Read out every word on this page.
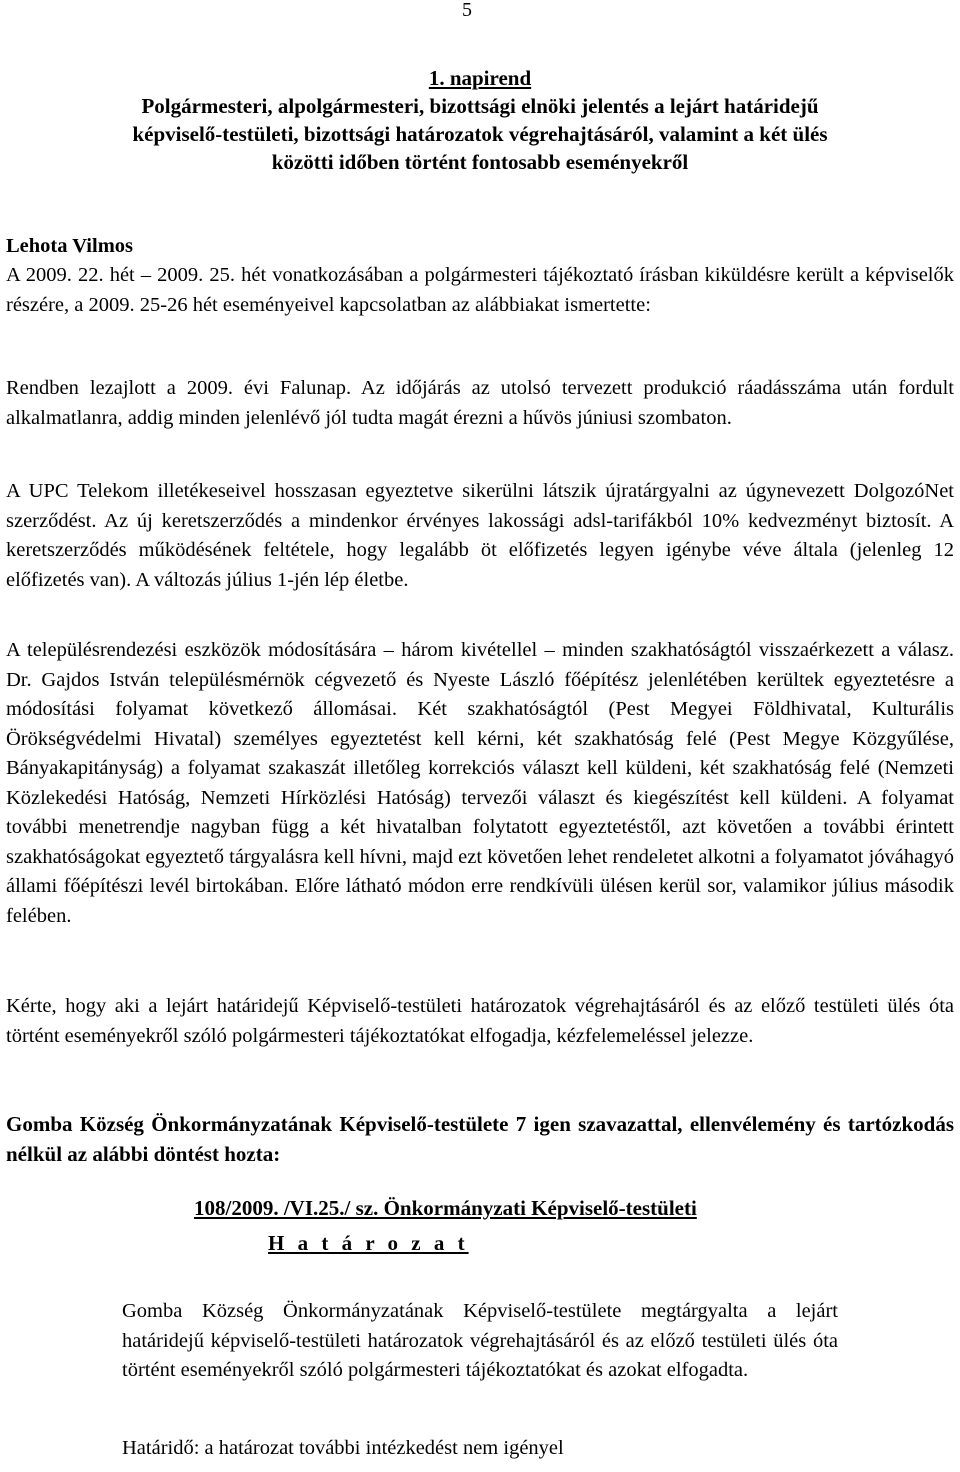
5
1. napirend
Polgármesteri, alpolgármesteri, bizottsági elnöki jelentés a lejárt határidejű
képviselő-testületi, bizottsági határozatok végrehajtásáról, valamint a két ülés
közötti időben történt fontosabb eseményekről
Lehota Vilmos

A 2009. 22. hét – 2009. 25. hét vonatkozásában a polgármesteri tájékoztató írásban kiküldésre került a képviselők részére, a 2009. 25-26 hét eseményeivel kapcsolatban az alábbiakat ismertette:

Rendben lezajlott a 2009. évi Falunap. Az időjárás az utolsó tervezett produkció ráadásszáma után fordult alkalmatlanra, addig minden jelenlévő jól tudta magát érezni a hűvös júniusi szombaton.

A UPC Telekom illetékeseivel hosszasan egyeztetve sikerülni látszik újratárgyalni az úgynevezett DolgozóNet szerződést. Az új keretszerződés a mindenkor érvényes lakossági adsl-tarifákból 10% kedvezményt biztosít. A keretszerződés működésének feltétele, hogy legalább öt előfizetés legyen igénybe véve általa (jelenleg 12 előfizetés van). A változás július 1-jén lép életbe.

A településrendezési eszközök módosítására – három kivétellel – minden szakhatóságtól visszaérkezett a válasz. Dr. Gajdos István településmérnök cégvezető és Nyeste László főépítész jelenlétében kerültek egyeztetésre a módosítási folyamat következő állomásai. Két szakhatóságtól (Pest Megyei Földhivatal, Kulturális Örökségvédelmi Hivatal) személyes egyeztetést kell kérni, két szakhatóság felé (Pest Megye Közgyűlése, Bányakapitányság) a folyamat szakaszát illetőleg korrekciós választ kell küldeni, két szakhatóság felé (Nemzeti Közlekedési Hatóság, Nemzeti Hírközlési Hatóság) tervezői választ és kiegészítést kell küldeni. A folyamat további menetrendje nagyban függ a két hivatalban folytatott egyeztetéstől, azt követően a további érintett szakhatóságokat egyeztető tárgyalásra kell hívni, majd ezt követően lehet rendeletet alkotni a folyamatot jóváhagyó állami főépítészi levél birtokában. Előre látható módon erre rendkívüli ülésen kerül sor, valamikor július második felében.

Kérte, hogy aki a lejárt határidejű Képviselő-testületi határozatok végrehajtásáról és az előző testületi ülés óta történt eseményekről szóló polgármesteri tájékoztatókat elfogadja, kézfelemeléssel jelezze.

Gomba Község Önkormányzatának Képviselő-testülete 7 igen szavazattal, ellenvélemény és tartózkodás nélkül az alábbi döntést hozta:

108/2009. /VI.25./ sz. Önkormányzati Képviselő-testületi
H a t á r o z a t
Gomba Község Önkormányzatának Képviselő-testülete megtárgyalta a lejárt határidejű képviselő-testületi határozatok végrehajtásáról és az előző testületi ülés óta történt eseményekről szóló polgármesteri tájékoztatókat és azokat elfogadta.
Határidő: a határozat további intézkedést nem igényel
